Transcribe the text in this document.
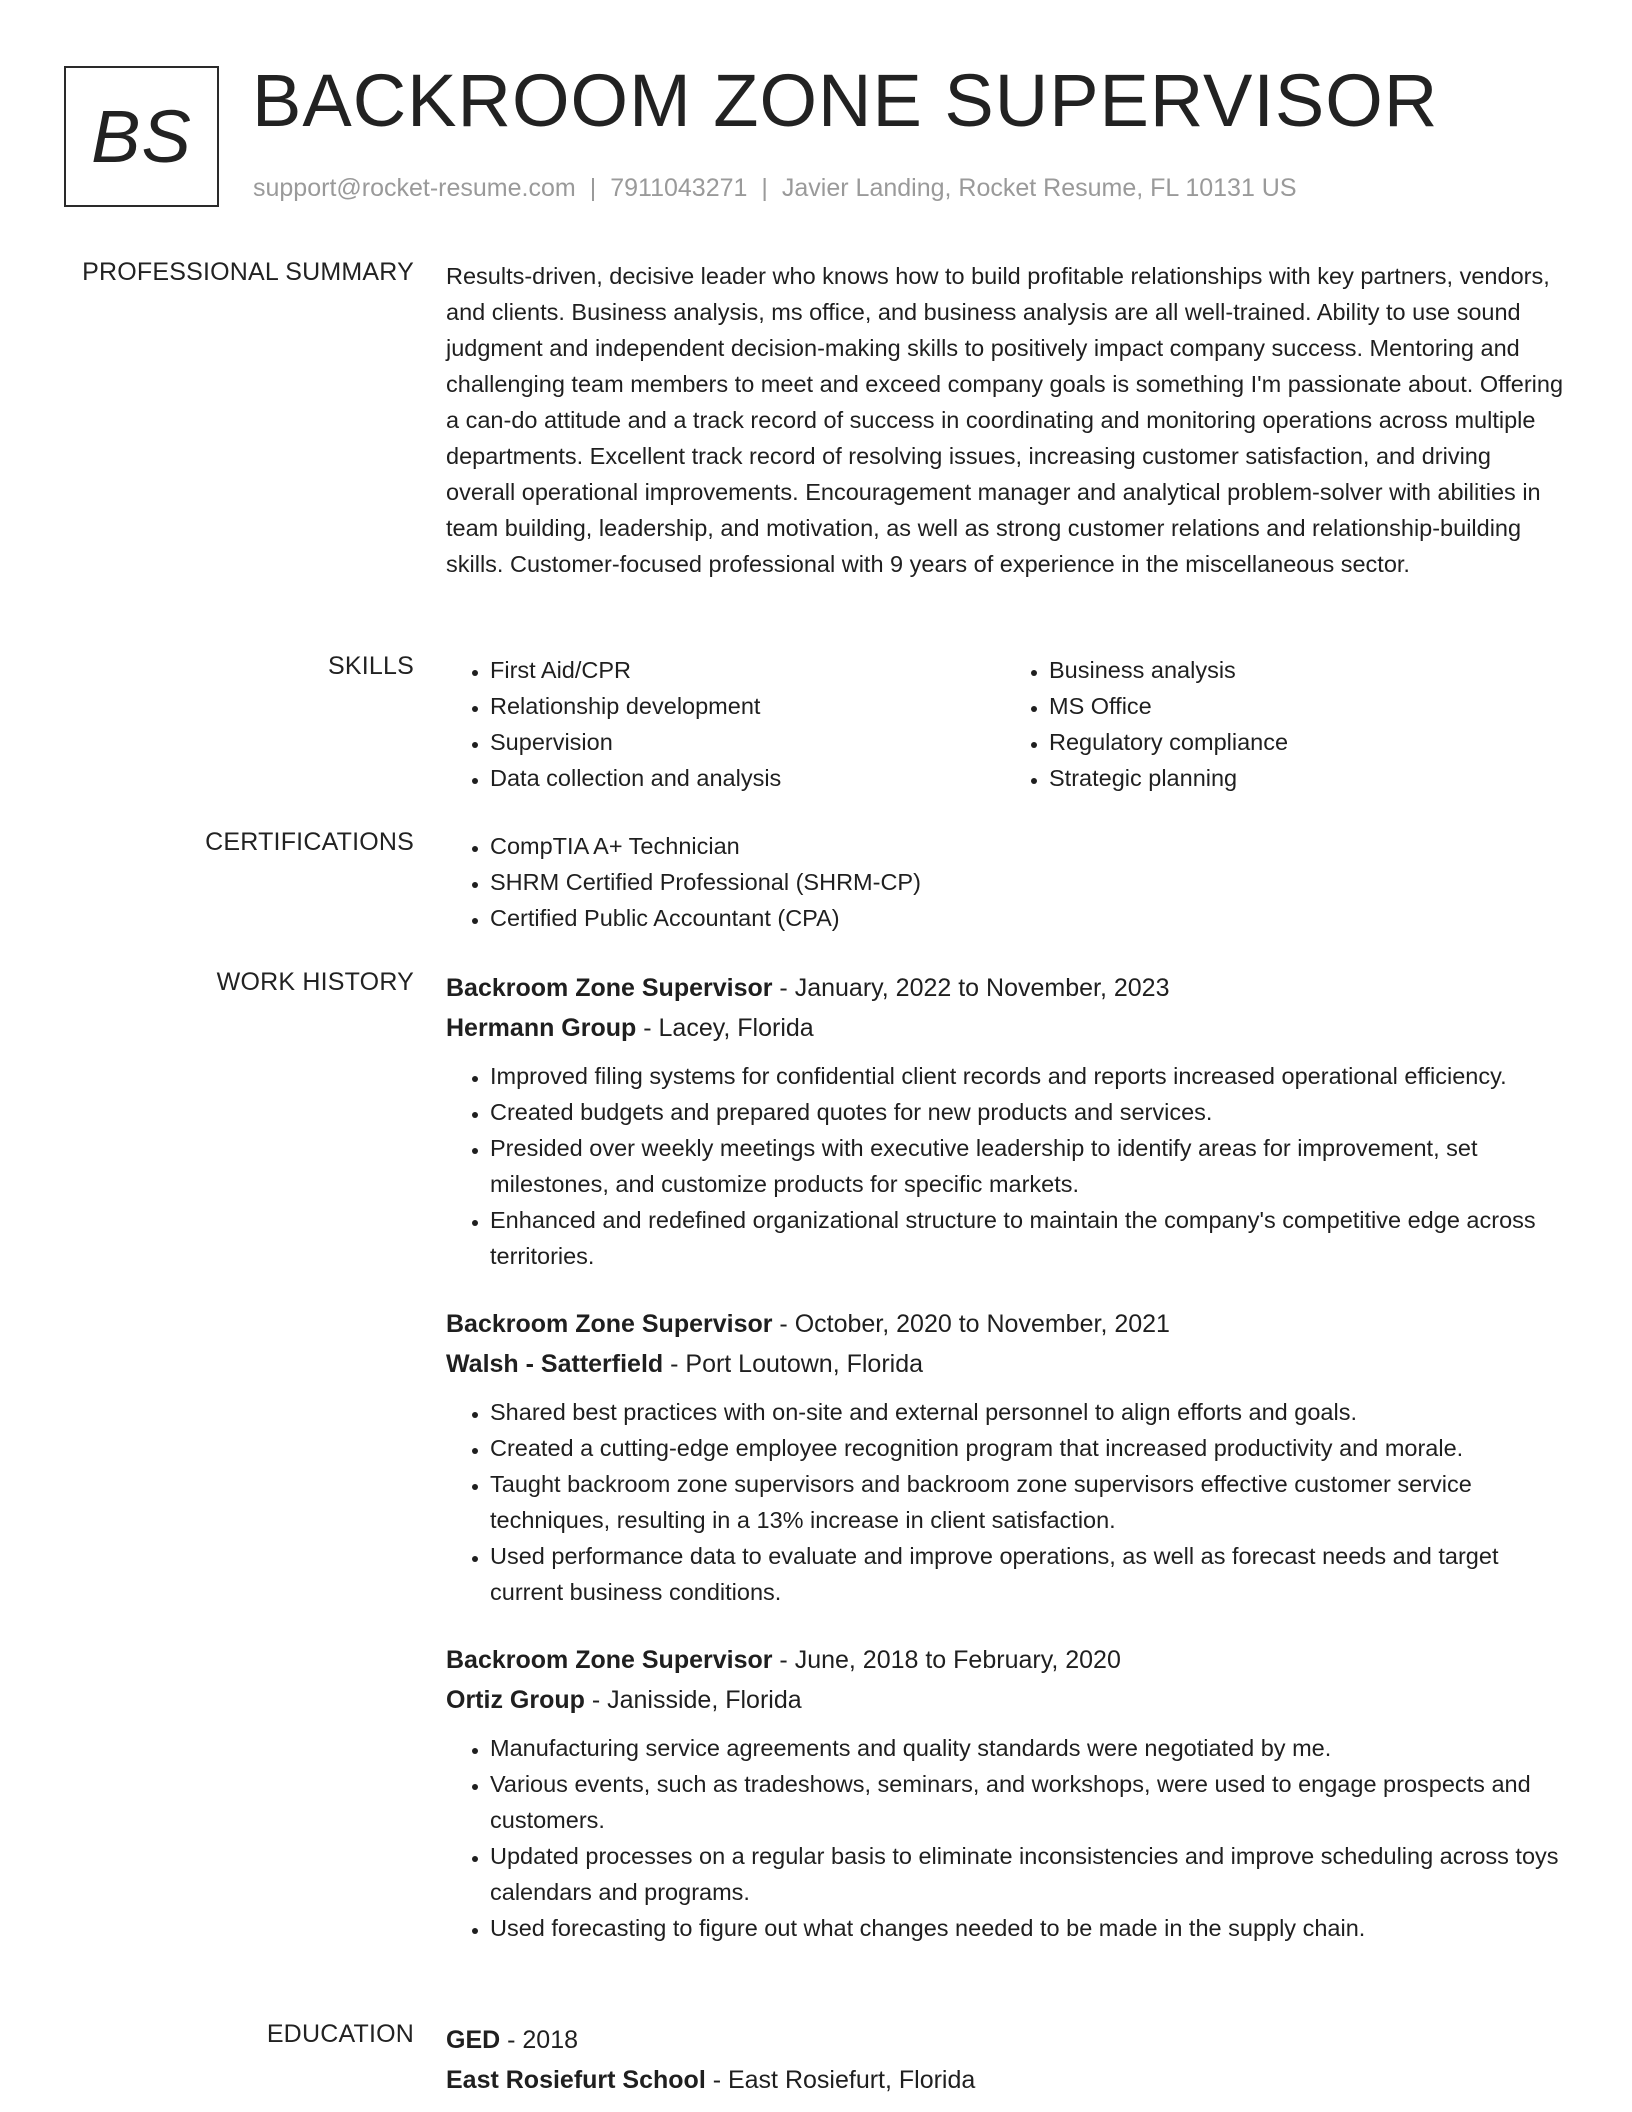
BS BACKROOM ZONE SUPERVISOR
support@rocket-resume.com | 7911043271 | Javier Landing, Rocket Resume, FL 10131 US
PROFESSIONAL SUMMARY Results-driven, decisive leader who knows how to build profitable relationships with key partners, vendors, and clients. Business analysis, ms office, and business analysis are all well-trained. Ability to use sound judgment and independent decision-making skills to positively impact company success. Mentoring and challenging team members to meet and exceed company goals is something I'm passionate about. Offering a can-do attitude and a track record of success in coordinating and monitoring operations across multiple departments. Excellent track record of resolving issues, increasing customer satisfaction, and driving overall operational improvements. Encouragement manager and analytical problem-solver with abilities in team building, leadership, and motivation, as well as strong customer relations and relationship-building skills. Customer-focused professional with 9 years of experience in the miscellaneous sector.

SKILLS	• First Aid/CPR
• Relationship development
• Supervision
• Data collection and analysis
• Business analysis
• MS Office
• Regulatory compliance
• Strategic planning
CERTIFICATIONS	• CompTIA A+ Technician
• SHRM Certified Professional (SHRM-CP)
• Certified Public Accountant (CPA)
WORK HISTORY Backroom Zone Supervisor - January, 2022 to November, 2023
Hermann Group - Lacey, Florida
• Improved filing systems for confidential client records and reports increased operational efficiency.
• Created budgets and prepared quotes for new products and services.
• Presided over weekly meetings with executive leadership to identify areas for improvement, set milestones, and customize products for specific markets.
• Enhanced and redefined organizational structure to maintain the company's competitive edge across territories.
Backroom Zone Supervisor - October, 2020 to November, 2021
Walsh - Satterfield - Port Loutown, Florida
• Shared best practices with on-site and external personnel to align efforts and goals.
• Created a cutting-edge employee recognition program that increased productivity and morale.
• Taught backroom zone supervisors and backroom zone supervisors effective customer service techniques, resulting in a 13% increase in client satisfaction.
• Used performance data to evaluate and improve operations, as well as forecast needs and target current business conditions.
Backroom Zone Supervisor - June, 2018 to February, 2020
Ortiz Group - Janisside, Florida
• Manufacturing service agreements and quality standards were negotiated by me.
• Various events, such as tradeshows, seminars, and workshops, were used to engage prospects and customers.
• Updated processes on a regular basis to eliminate inconsistencies and improve scheduling across toys calendars and programs.
• Used forecasting to figure out what changes needed to be made in the supply chain.
EDUCATION GED - 2018
East Rosiefurt School - East Rosiefurt, Florida
